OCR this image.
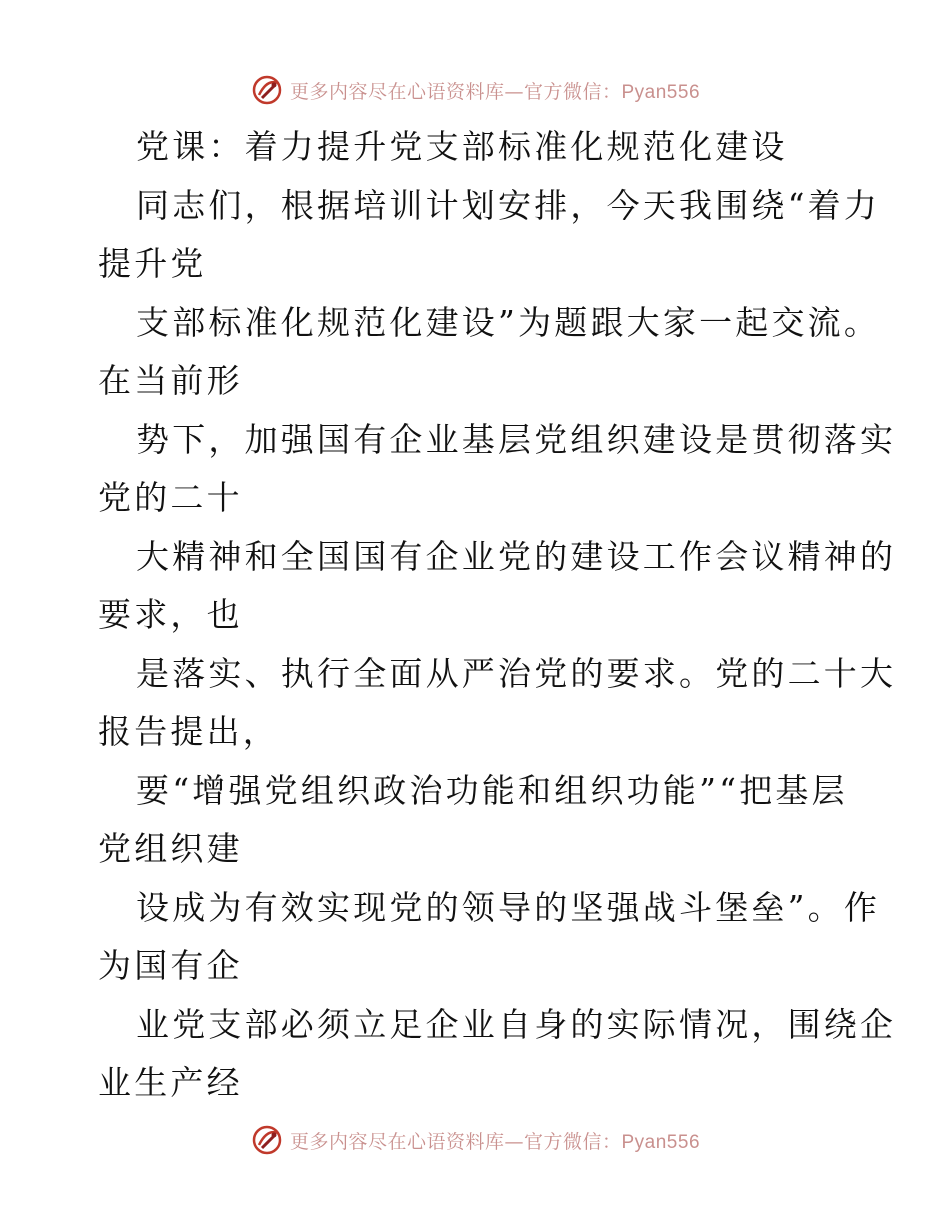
更多内容尽在心语资料库—官方微信：Pyan556
党课：着力提升党支部标准化规范化建设
同志们，根据培训计划安排，今天我围绕“着力
提升党
支部标准化规范化建设”为题跟大家一起交流。
在当前形
势下，加强国有企业基层党组织建设是贯彻落实
党的二十
大精神和全国国有企业党的建设工作会议精神的
要求，也
是落实、执行全面从严治党的要求。党的二十大
报告提出，
要“增强党组织政治功能和组织功能”“把基层
党组织建
设成为有效实现党的领导的坚强战斗堡垒”。作
为国有企
业党支部必须立足企业自身的实际情况，围绕企
业生产经
更多内容尽在心语资料库—官方微信：Pyan556
